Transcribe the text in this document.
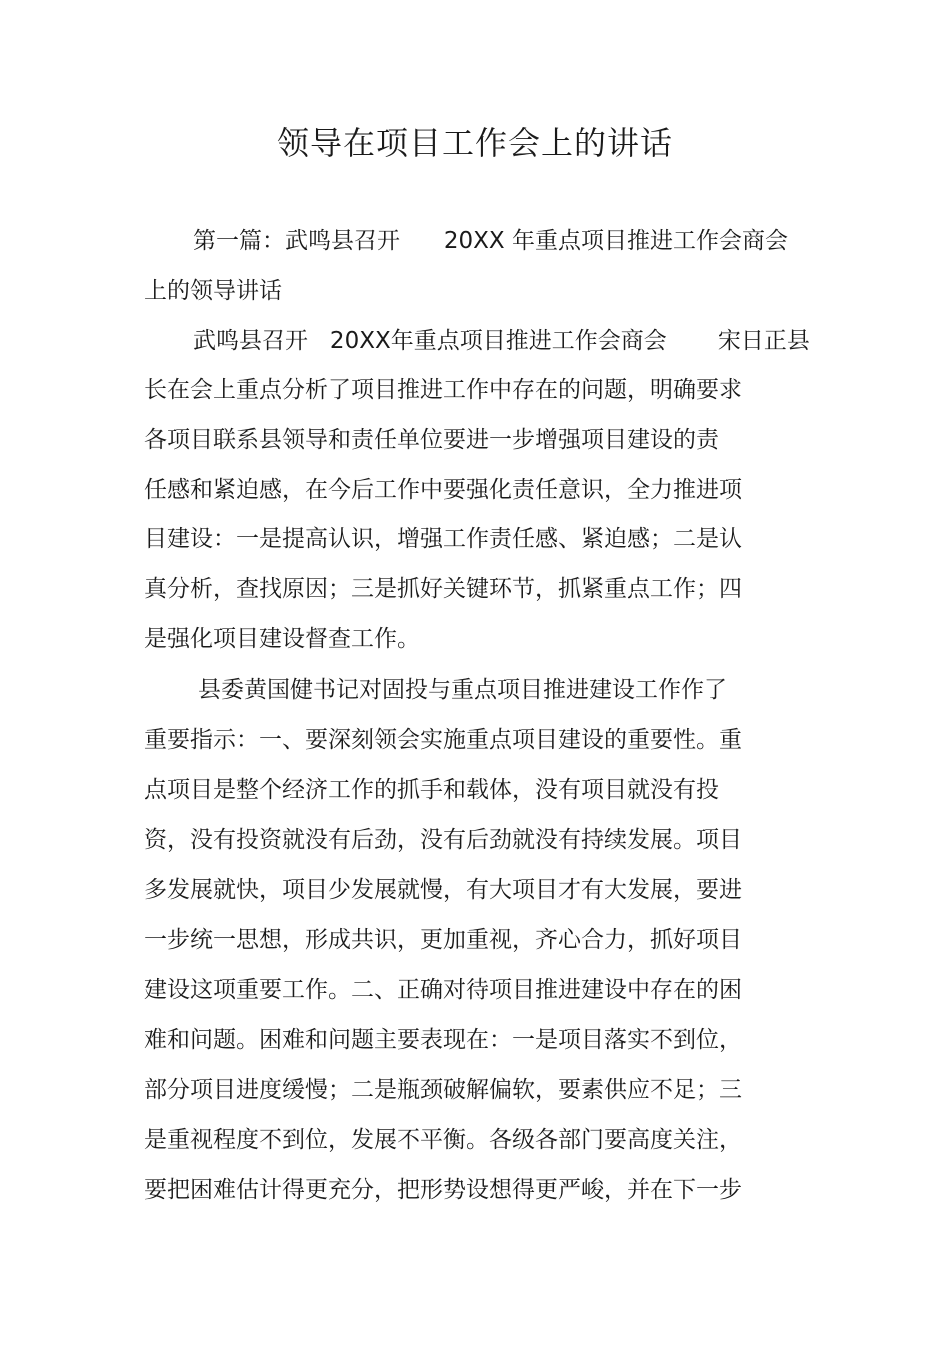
领导在项目工作会上的讲话
第一篇：武鸣县召开      20XX 年重点项目推进工作会商会
上的领导讲话
武鸣县召开   20XX年重点项目推进工作会商会       宋日正县
长在会上重点分析了项目推进工作中存在的问题，明确要求
各项目联系县领导和责任单位要进一步增强项目建设的责
任感和紧迫感，在今后工作中要强化责任意识，全力推进项
目建设：一是提高认识，增强工作责任感、紧迫感；二是认
真分析，查找原因；三是抓好关键环节，抓紧重点工作；四
是强化项目建设督查工作。
县委黄国健书记对固投与重点项目推进建设工作作了
重要指示：一、要深刻领会实施重点项目建设的重要性。重
点项目是整个经济工作的抓手和载体，没有项目就没有投
资，没有投资就没有后劲，没有后劲就没有持续发展。项目
多发展就快，项目少发展就慢，有大项目才有大发展，要进
一步统一思想，形成共识，更加重视，齐心合力，抓好项目
建设这项重要工作。二、正确对待项目推进建设中存在的困
难和问题。困难和问题主要表现在：一是项目落实不到位，
部分项目进度缓慢；二是瓶颈破解偏软，要素供应不足；三
是重视程度不到位，发展不平衡。各级各部门要高度关注，
要把困难估计得更充分，把形势设想得更严峻，并在下一步
